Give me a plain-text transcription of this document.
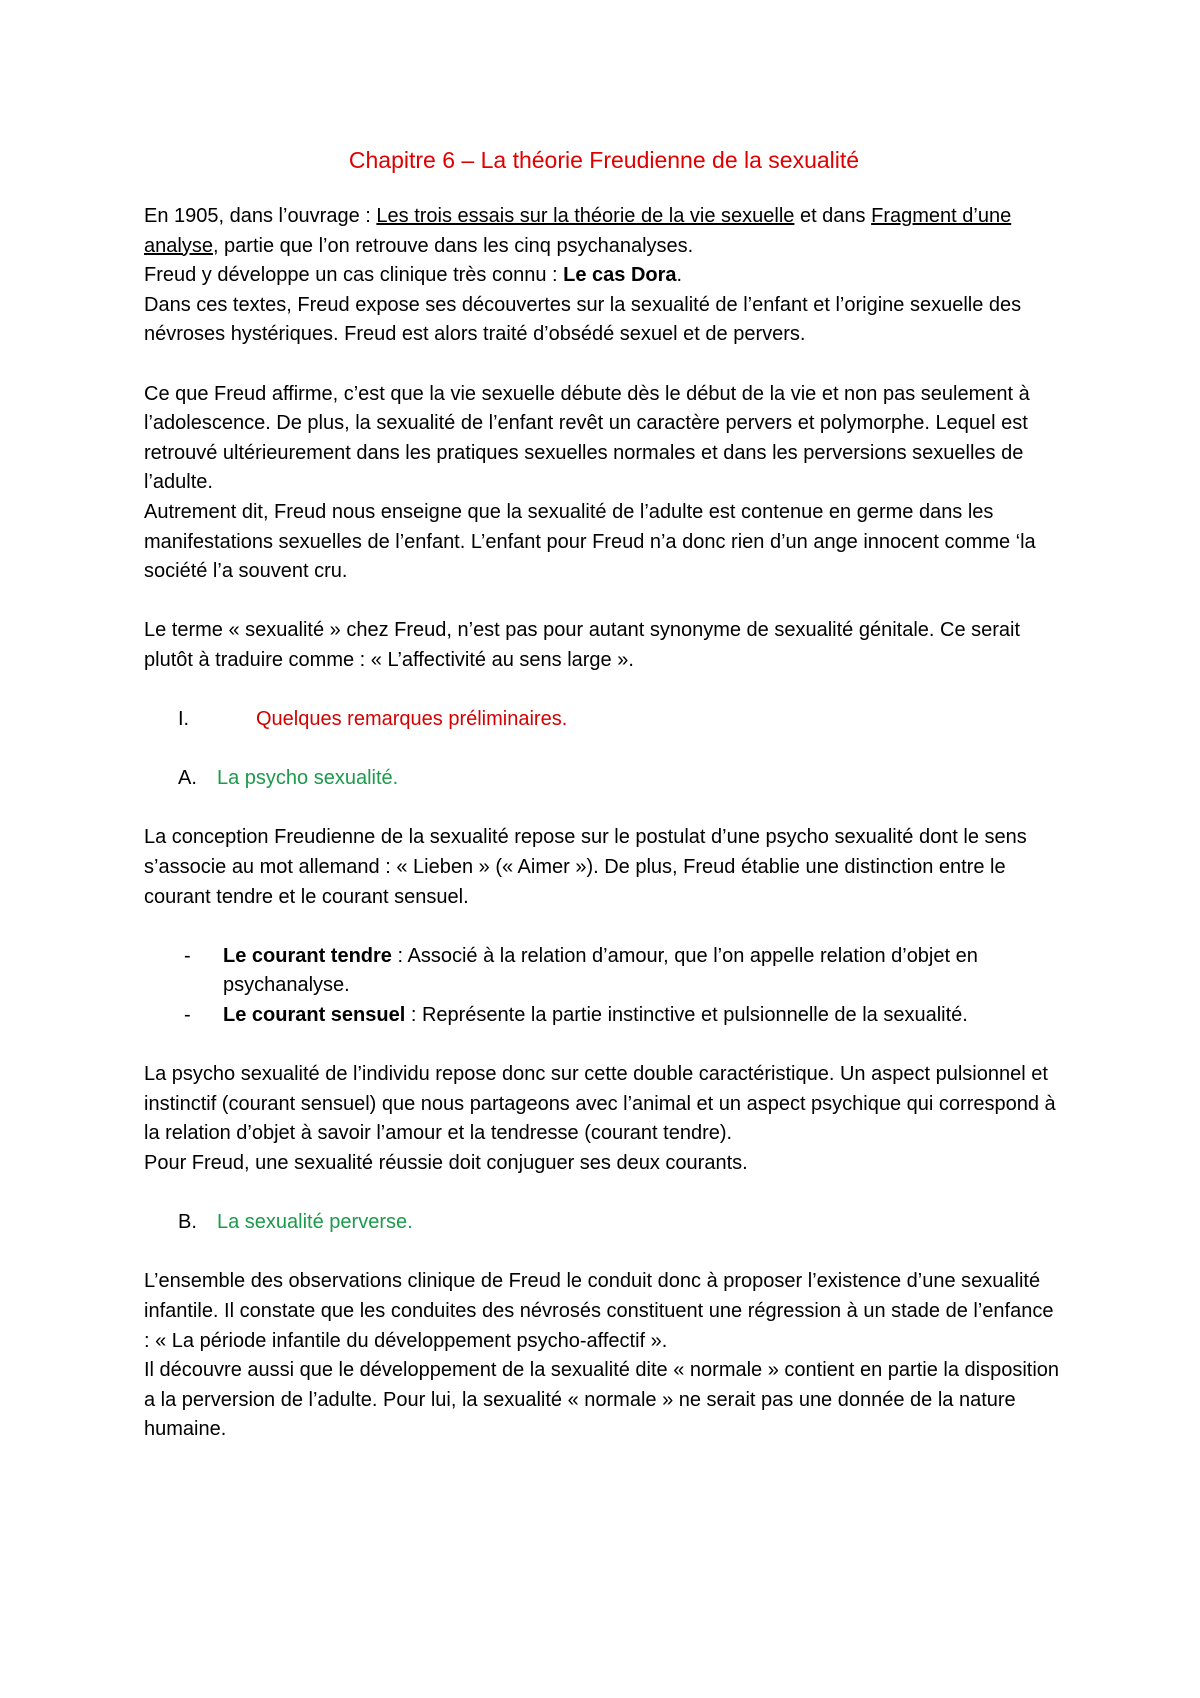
Chapitre 6 – La théorie Freudienne de la sexualité

En 1905, dans l’ouvrage : Les trois essais sur la théorie de la vie sexuelle et dans Fragment d’une analyse, partie que l’on retrouve dans les cinq psychanalyses.

Freud y développe un cas clinique très connu : Le cas Dora.

Dans ces textes, Freud expose ses découvertes sur la sexualité de l’enfant et l’origine sexuelle des névroses hystériques. Freud est alors traité d’obsédé sexuel et de pervers.

Ce que Freud affirme, c’est que la vie sexuelle débute dès le début de la vie et non pas seulement à l’adolescence. De plus, la sexualité de l’enfant revêt un caractère pervers et polymorphe. Lequel est retrouvé ultérieurement dans les pratiques sexuelles normales et dans les perversions sexuelles de l’adulte.

Autrement dit, Freud nous enseigne que la sexualité de l’adulte est contenue en germe dans les manifestations sexuelles de l’enfant. L’enfant pour Freud n’a donc rien d’un ange innocent comme ‘la société l’a souvent cru.

Le terme « sexualité » chez Freud, n’est pas pour autant synonyme de sexualité génitale. Ce serait plutôt à traduire comme : « L’affectivité au sens large ».

I.	Quelques remarques préliminaires.
A.	La psycho sexualité.

La conception Freudienne de la sexualité repose sur le postulat d’une psycho sexualité dont le sens s’associe au mot allemand : « Lieben » (« Aimer »). De plus, Freud établie une distinction entre le courant tendre et le courant sensuel.

-	Le courant tendre : Associé à la relation d’amour, que l’on appelle relation d’objet en psychanalyse.
-	Le courant sensuel : Représente la partie instinctive et pulsionnelle de la sexualité.

La psycho sexualité de l’individu repose donc sur cette double caractéristique. Un aspect pulsionnel et instinctif (courant sensuel) que nous partageons avec l’animal et un aspect psychique qui correspond à la relation d’objet à savoir l’amour et la tendresse (courant tendre).

Pour Freud, une sexualité réussie doit conjuguer ses deux courants.

B.	La sexualité perverse.

L’ensemble des observations clinique de Freud le conduit donc à proposer l’existence d’une sexualité infantile. Il constate que les conduites des névrosés constituent une régression à un stade de l’enfance : « La période infantile du développement psycho-affectif ».

Il découvre aussi que le développement de la sexualité dite « normale » contient en partie la disposition a la perversion de l’adulte. Pour lui, la sexualité « normale » ne serait pas une donnée de la nature humaine.
